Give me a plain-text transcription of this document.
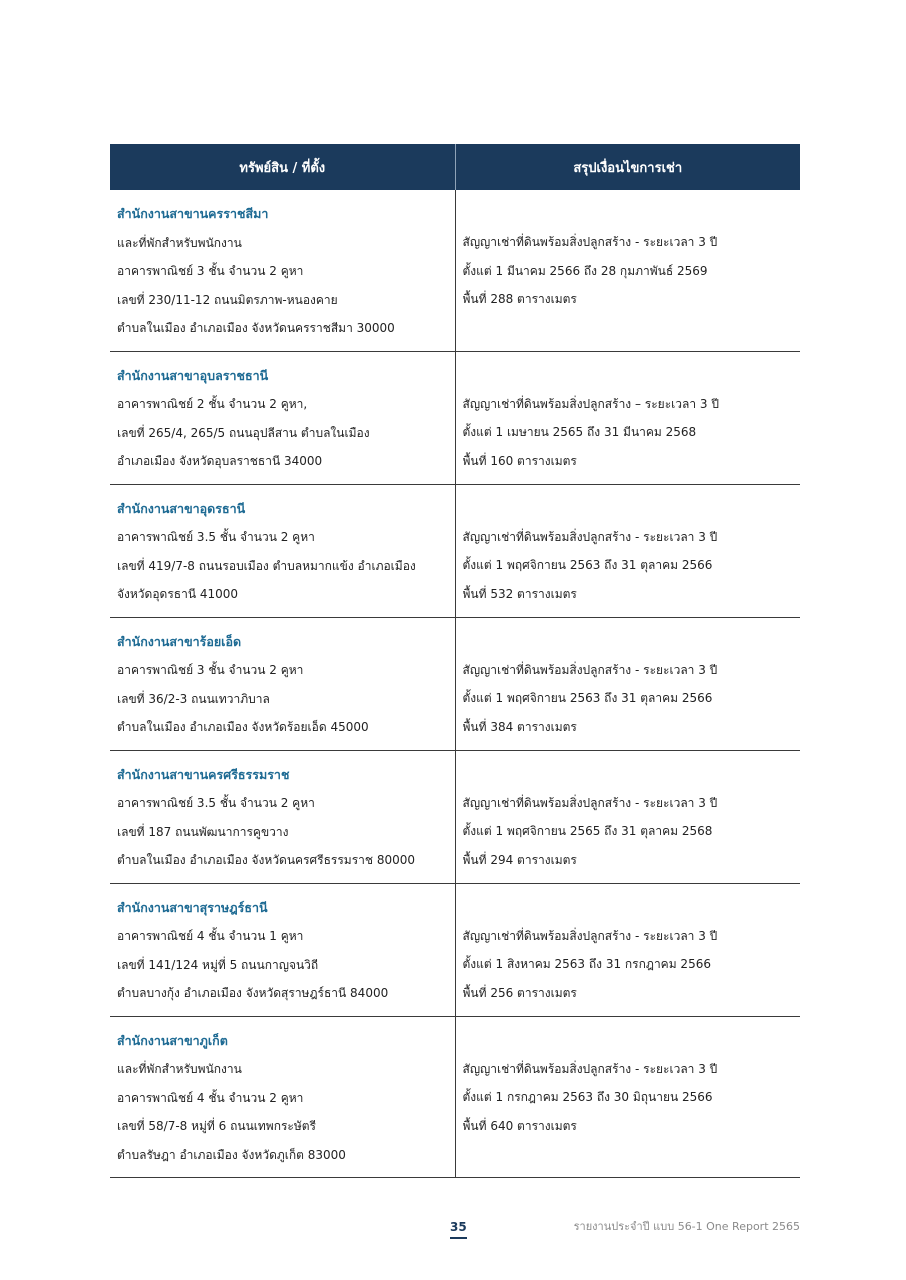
ทรัพย์สิน / ที่ตั้ง	สรุปเงื่อนไขการเช่า

สำนักงานสาขานครราชสีมา
และที่พักสำหรับพนักงาน
อาคารพาณิชย์ 3 ชั้น จำนวน 2 คูหา
เลขที่ 230/11-12 ถนนมิตรภาพ-หนองคาย
ตำบลในเมือง อำเภอเมือง จังหวัดนครราชสีมา 30000	สัญญาเช่าที่ดินพร้อมสิ่งปลูกสร้าง - ระยะเวลา 3 ปี
ตั้งแต่ 1 มีนาคม 2566 ถึง 28 กุมภาพันธ์ 2569
พื้นที่ 288 ตารางเมตร

สำนักงานสาขาอุบลราชธานี
อาคารพาณิชย์ 2 ชั้น จำนวน 2 คูหา,
เลขที่ 265/4, 265/5 ถนนอุปลีสาน ตำบลในเมือง
อำเภอเมือง จังหวัดอุบลราชธานี 34000	สัญญาเช่าที่ดินพร้อมสิ่งปลูกสร้าง – ระยะเวลา 3 ปี
ตั้งแต่ 1 เมษายน 2565 ถึง 31 มีนาคม 2568
พื้นที่ 160 ตารางเมตร

สำนักงานสาขาอุดรธานี
อาคารพาณิชย์ 3.5 ชั้น จำนวน 2 คูหา
เลขที่ 419/7-8 ถนนรอบเมือง ตำบลหมากแข้ง อำเภอเมือง
จังหวัดอุดรธานี 41000	สัญญาเช่าที่ดินพร้อมสิ่งปลูกสร้าง - ระยะเวลา 3 ปี
ตั้งแต่ 1 พฤศจิกายน 2563 ถึง 31 ตุลาคม 2566
พื้นที่ 532 ตารางเมตร

สำนักงานสาขาร้อยเอ็ด
อาคารพาณิชย์ 3 ชั้น จำนวน 2 คูหา
เลขที่ 36/2-3 ถนนเทวาภิบาล
ตำบลในเมือง อำเภอเมือง จังหวัดร้อยเอ็ด 45000	สัญญาเช่าที่ดินพร้อมสิ่งปลูกสร้าง - ระยะเวลา 3 ปี
ตั้งแต่ 1 พฤศจิกายน 2563 ถึง 31 ตุลาคม 2566
พื้นที่ 384 ตารางเมตร

สำนักงานสาขานครศรีธรรมราช
อาคารพาณิชย์ 3.5 ชั้น จำนวน 2 คูหา
เลขที่ 187 ถนนพัฒนาการคูขวาง
ตำบลในเมือง อำเภอเมือง จังหวัดนครศรีธรรมราช 80000	สัญญาเช่าที่ดินพร้อมสิ่งปลูกสร้าง - ระยะเวลา 3 ปี
ตั้งแต่ 1 พฤศจิกายน 2565 ถึง 31 ตุลาคม 2568
พื้นที่ 294 ตารางเมตร

สำนักงานสาขาสุราษฎร์ธานี
อาคารพาณิชย์ 4 ชั้น จำนวน 1 คูหา
เลขที่ 141/124 หมู่ที่ 5 ถนนกาญจนวิถี
ตำบลบางกุ้ง อำเภอเมือง จังหวัดสุราษฎร์ธานี 84000	สัญญาเช่าที่ดินพร้อมสิ่งปลูกสร้าง - ระยะเวลา 3 ปี
ตั้งแต่ 1 สิงหาคม 2563 ถึง 31 กรกฎาคม 2566
พื้นที่ 256 ตารางเมตร

สำนักงานสาขาภูเก็ต
และที่พักสำหรับพนักงาน
อาคารพาณิชย์ 4 ชั้น จำนวน 2 คูหา
เลขที่ 58/7-8 หมู่ที่ 6 ถนนเทพกระษัตรี
ตำบลรัษฎา อำเภอเมือง จังหวัดภูเก็ต 83000	สัญญาเช่าที่ดินพร้อมสิ่งปลูกสร้าง - ระยะเวลา 3 ปี
ตั้งแต่ 1 กรกฎาคม 2563 ถึง 30 มิถุนายน 2566
พื้นที่ 640 ตารางเมตร
35	รายงานประจำปี แบบ 56-1 One Report 2565
